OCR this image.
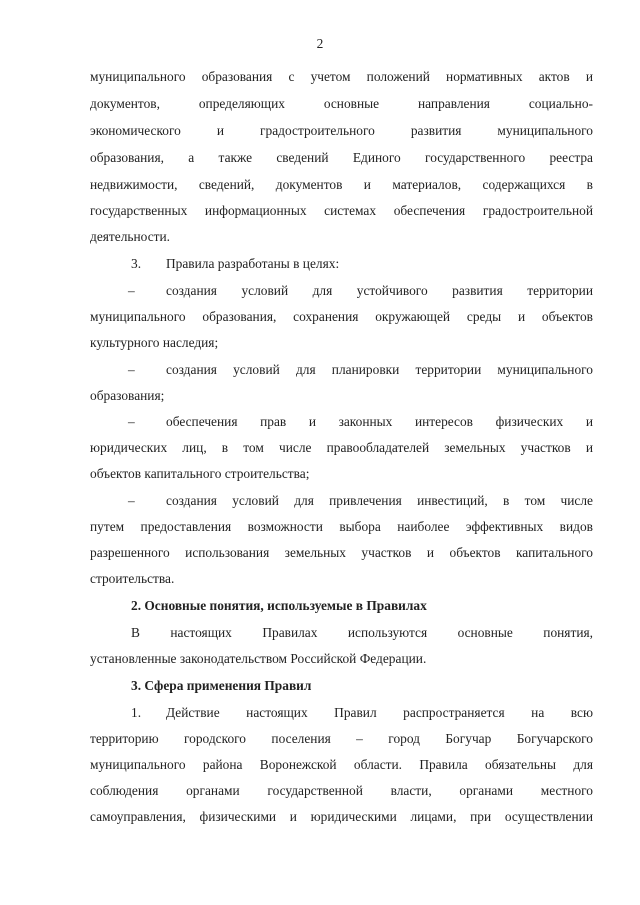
2
муниципального образования с учетом положений нормативных актов и
документов, определяющих основные направления социально-
экономического и градостроительного развития муниципального
образования, а также сведений Единого государственного реестра
недвижимости, сведений, документов и материалов, содержащихся в
государственных информационных системах обеспечения градостроительной
деятельности.
3. Правила разработаны в целях:
– создания условий для устойчивого развития территории
муниципального образования, сохранения окружающей среды и объектов
культурного наследия;
– создания условий для планировки территории муниципального
образования;
– обеспечения прав и законных интересов физических и
юридических лиц, в том числе правообладателей земельных участков и
объектов капитального строительства;
– создания условий для привлечения инвестиций, в том числе
путем предоставления возможности выбора наиболее эффективных видов
разрешенного использования земельных участков и объектов капитального
строительства.
2. Основные понятия, используемые в Правилах
В настоящих Правилах используются основные понятия,
установленные законодательством Российской Федерации.
3. Сфера применения Правил
1. Действие настоящих Правил распространяется на всю
территорию городского поселения – город Богучар Богучарского
муниципального района Воронежской области. Правила обязательны для
соблюдения органами государственной власти, органами местного
самоуправления, физическими и юридическими лицами, при осуществлении
